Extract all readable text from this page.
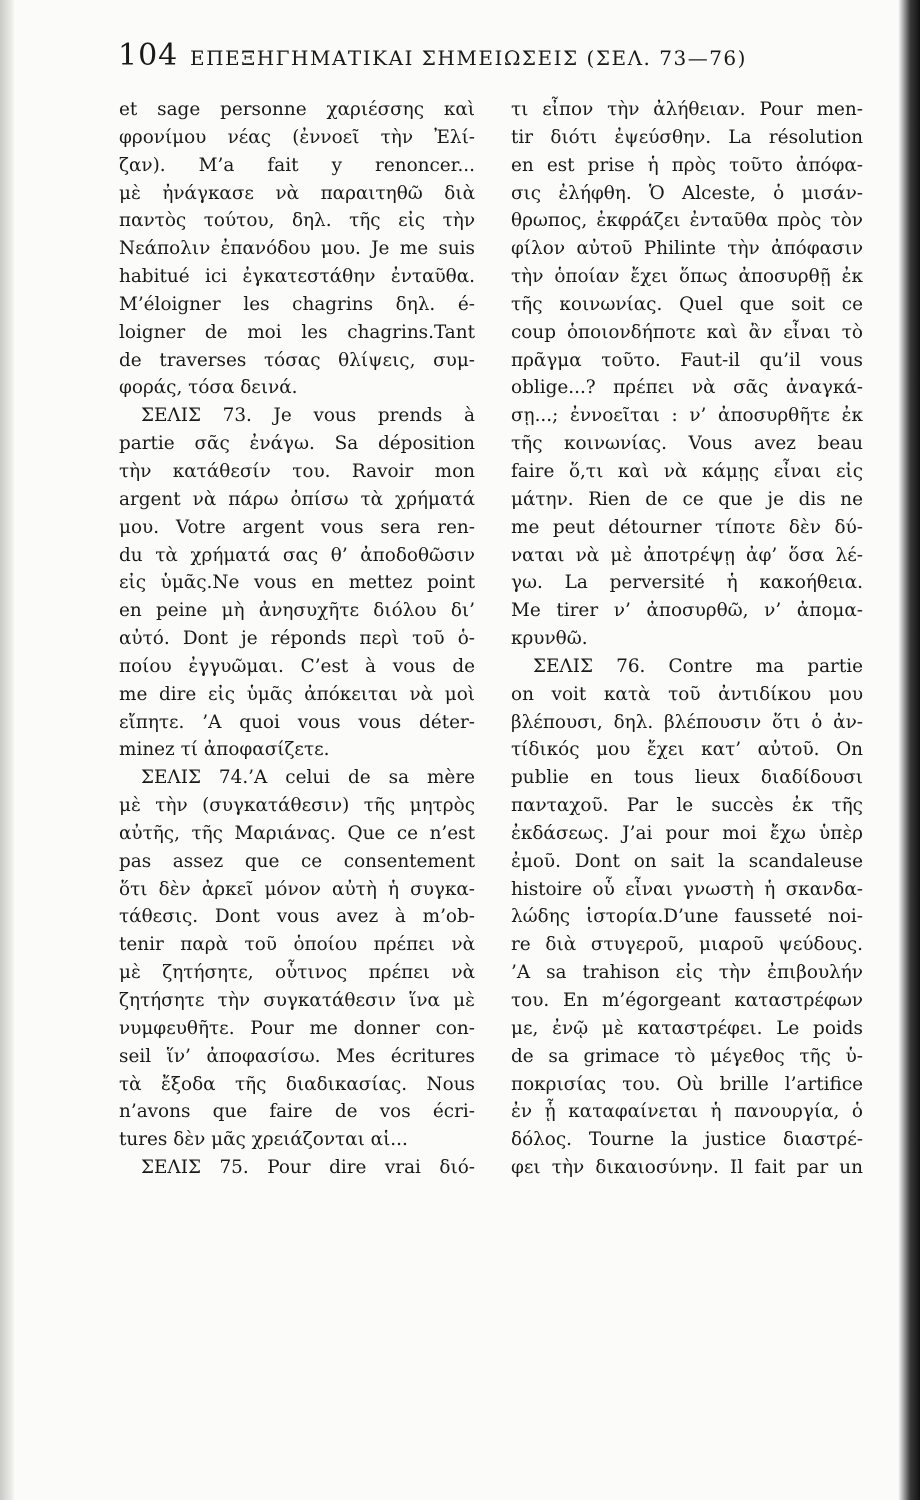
104 ΕΠΕΞΗΓΗΜΑΤΙΚΑΙ ΣΗΜΕΙΩΣΕΙΣ (ΣΕΛ. 73—76)
et sage personne χαριέσσης καὶ
φρονίμου νέας (ἐννοεῖ τὴν Ἐλί-
ζαν). M’a fait y renoncer...
μὲ ἠνάγκασε νὰ παραιτηθῶ διὰ
παντὸς τούτου, δηλ. τῆς εἰς τὴν
Νεάπολιν ἐπανόδου μου. Je me suis
habitué ici ἐγκατεστάθην ἐνταῦθα.
M’éloigner les chagrins δηλ. é-
loigner de moi les chagrins.Tant
de traverses τόσας θλίψεις, συμ-
φοράς, τόσα δεινά.
ΣΕΛΙΣ 73. Je vous prends à
partie σᾶς ἐνάγω. Sa déposition
τὴν κατάθεσίν του. Ravoir mon
argent νὰ πάρω ὀπίσω τὰ χρήματά
μου. Votre argent vous sera ren-
du τὰ χρήματά σας θ’ ἀποδοθῶσιν
εἰς ὑμᾶς.Ne vous en mettez point
en peine μὴ ἀνησυχῆτε διόλου δι’
αὐτό. Dont je réponds περὶ τοῦ ὁ-
ποίου ἐγγυῶμαι. C’est à vous de
me dire εἰς ὑμᾶς ἀπόκειται νὰ μοὶ
εἴπητε. ’A quoi vous vous déter-
minez τί ἀποφασίζετε.
ΣΕΛΙΣ 74.’A celui de sa mère
μὲ τὴν (συγκατάθεσιν) τῆς μητρὸς
αὐτῆς, τῆς Μαριάνας. Que ce n’est
pas assez que ce consentement
ὅτι δὲν ἀρκεῖ μόνον αὐτὴ ἡ συγκα-
τάθεσις. Dont vous avez à m’ob-
tenir παρὰ τοῦ ὁποίου πρέπει νὰ
μὲ ζητήσητε, οὗτινος πρέπει νὰ
ζητήσητε τὴν συγκατάθεσιν ἵνα μὲ
νυμφευθῆτε. Pour me donner con-
seil ἵν’ ἀποφασίσω. Mes écritures
τὰ ἔξοδα τῆς διαδικασίας. Nous
n’avons que faire de vos écri-
tures δὲν μᾶς χρειάζονται αἱ...
ΣΕΛΙΣ 75. Pour dire vrai διό-
τι εἶπον τὴν ἀλήθειαν. Pour men-
tir διότι ἐψεύσθην. La résolution
en est prise ἡ πρὸς τοῦτο ἀπόφα-
σις ἐλήφθη. Ὁ Alceste, ὁ μισάν-
θρωπος, ἐκφράζει ἐνταῦθα πρὸς τὸν
φίλον αὐτοῦ Philinte τὴν ἀπόφασιν
τὴν ὁποίαν ἔχει ὅπως ἀποσυρθῇ ἐκ
τῆς κοινωνίας. Quel que soit ce
coup ὁποιονδήποτε καὶ ἂν εἶναι τὸ
πρᾶγμα τοῦτο. Faut-il qu’il vous
oblige...? πρέπει νὰ σᾶς ἀναγκά-
σῃ...; ἐννοεῖται : ν’ ἀποσυρθῆτε ἐκ
τῆς κοινωνίας. Vous avez beau
faire ὅ,τι καὶ νὰ κάμῃς εἶναι εἰς
μάτην. Rien de ce que je dis ne
me peut détourner τίποτε δὲν δύ-
ναται νὰ μὲ ἀποτρέψῃ ἀφ’ ὅσα λέ-
γω. La perversité ἡ κακοήθεια.
Me tirer ν’ ἀποσυρθῶ, ν’ ἀπομα-
κρυνθῶ.
ΣΕΛΙΣ 76. Contre ma partie
on voit κατὰ τοῦ ἀντιδίκου μου
βλέπουσι, δηλ. βλέπουσιν ὅτι ὁ ἀν-
τίδικός μου ἔχει κατ’ αὐτοῦ. On
publie en tous lieux διαδίδουσι
πανταχοῦ. Par le succès ἐκ τῆς
ἐκδάσεως. J’ai pour moi ἔχω ὑπὲρ
ἐμοῦ. Dont on sait la scandaleuse
histoire οὗ εἶναι γνωστὴ ἡ σκανδα-
λώδης ἱστορία.D’une fausseté noi-
re διὰ στυγεροῦ, μιαροῦ ψεύδους.
’A sa trahison εἰς τὴν ἐπιβουλήν
του. En m’égorgeant καταστρέφων
με, ἐνῷ μὲ καταστρέφει. Le poids
de sa grimace τὸ μέγεθος τῆς ὑ-
ποκρισίας του. Où brille l’artifice
ἐν ᾗ καταφαίνεται ἡ πανουργία, ὁ
δόλος. Tourne la justice διαστρέ-
φει τὴν δικαιοσύνην. Il fait par un
